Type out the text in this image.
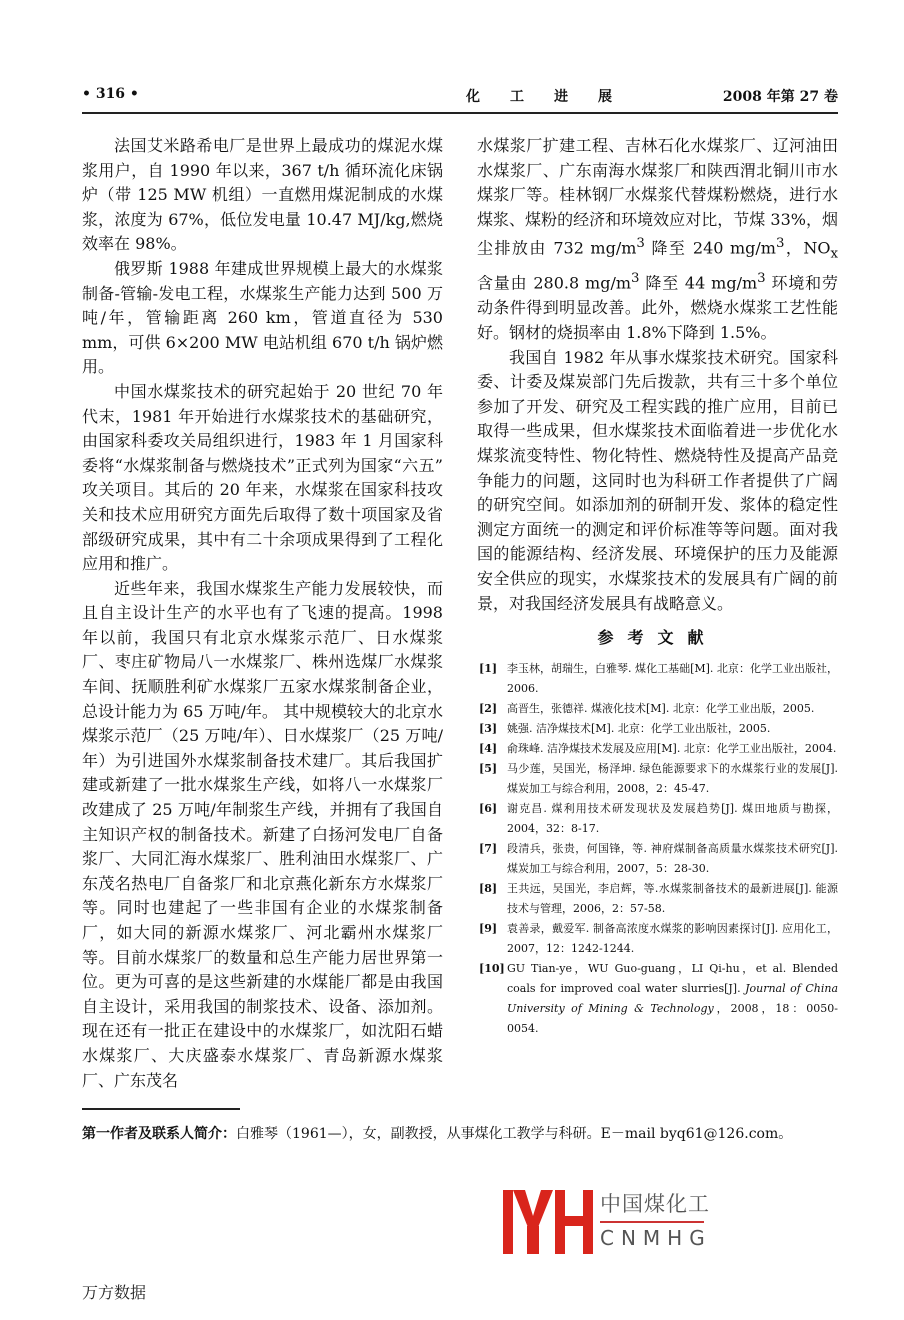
• 316 •	化工进展	2008 年第 27 卷

法国艾米路希电厂是世界上最成功的煤泥水煤浆用户，自 1990 年以来，367 t/h 循环流化床锅炉（带 125 MW 机组）一直燃用煤泥制成的水煤浆，浓度为 67%，低位发电量 10.47 MJ/kg,燃烧效率在 98%。

俄罗斯 1988 年建成世界规模上最大的水煤浆制备-管输-发电工程，水煤浆生产能力达到 500 万吨/年，管输距离 260 km，管道直径为 530 mm，可供 6×200 MW 电站机组 670 t/h 锅炉燃用。

中国水煤浆技术的研究起始于 20 世纪 70 年代末，1981 年开始进行水煤浆技术的基础研究，由国家科委攻关局组织进行，1983 年 1 月国家科委将“水煤浆制备与燃烧技术”正式列为国家“六五” 攻关项目。其后的 20 年来，水煤浆在国家科技攻关和技术应用研究方面先后取得了数十项国家及省部级研究成果，其中有二十余项成果得到了工程化应用和推广。

近些年来，我国水煤浆生产能力发展较快，而且自主设计生产的水平也有了飞速的提高。1998 年以前，我国只有北京水煤浆示范厂、日水煤浆厂、枣庄矿物局八一水煤浆厂、株州选煤厂水煤浆车间、抚顺胜利矿水煤浆厂五家水煤浆制备企业，总设计能力为 65 万吨/年。 其中规模较大的北京水煤浆示范厂（25 万吨/年）、日水煤浆厂（25 万吨/年）为引进国外水煤浆制备技术建厂。其后我国扩建或新建了一批水煤浆生产线，如将八一水煤浆厂改建成了 25 万吨/年制浆生产线，并拥有了我国自主知识产权的制备技术。新建了白扬河发电厂自备浆厂、大同汇海水煤浆厂、胜利油田水煤浆厂、广东茂名热电厂自备浆厂和北京燕化新东方水煤浆厂等。同时也建起了一些非国有企业的水煤浆制备厂，如大同的新源水煤浆厂、河北霸州水煤浆厂等。目前水煤浆厂的数量和总生产能力居世界第一位。更为可喜的是这些新建的水煤能厂都是由我国自主设计，采用我国的制浆技术、设备、添加剂。现在还有一批正在建设中的水煤浆厂，如沈阳石蜡水煤浆厂、大庆盛泰水煤浆厂、青岛新源水煤浆厂、广东茂名

水煤浆厂扩建工程、吉林石化水煤浆厂、辽河油田水煤浆厂、广东南海水煤浆厂和陕西渭北铜川市水煤浆厂等。桂林钢厂水煤浆代替煤粉燃烧，进行水煤浆、煤粉的经济和环境效应对比，节煤 33%，烟尘排放由 732 $mg/m^3$ 降至 240 $mg/m^3$，$NO_x$ 含量由 280.8 $mg/m^3$ 降至 44 $mg/m^3$ 环境和劳动条件得到明显改善。此外，燃烧水煤浆工艺性能好。钢材的烧损率由 1.8%下降到 1.5%。

我国自 1982 年从事水煤浆技术研究。国家科委、计委及煤炭部门先后拨款，共有三十多个单位参加了开发、研究及工程实践的推广应用，目前已取得一些成果，但水煤浆技术面临着进一步优化水煤浆流变特性、物化特性、燃烧特性及提高产品竞争能力的问题，这同时也为科研工作者提供了广阔的研究空间。如添加剂的研制开发、浆体的稳定性测定方面统一的测定和评价标准等等问题。面对我国的能源结构、经济发展、环境保护的压力及能源安全供应的现实，水煤浆技术的发展具有广阔的前景，对我国经济发展具有战略意义。

参考文献
[1] 李玉林，胡瑞生，白雅琴. 煤化工基础[M]. 北京：化学工业出版社，2006.
[2] 高晋生，张德祥. 煤液化技术[M]. 北京：化学工业出版，2005.
[3] 姚强. 洁净煤技术[M]. 北京：化学工业出版社，2005.
[4] 俞珠峰. 洁净煤技术发展及应用[M]. 北京：化学工业出版社，2004.
[5] 马少莲，吴国光，杨泽坤. 绿色能源要求下的水煤浆行业的发展[J]. 煤炭加工与综合利用，2008，2：45-47.
[6] 谢克昌. 煤利用技术研发现状及发展趋势[J]. 煤田地质与勘探，2004，32：8-17.
[7] 段清兵，张贵，何国锋，等. 神府煤制备高质量水煤浆技术研究[J]. 煤炭加工与综合利用，2007，5：28-30.
[8] 王共远，吴国光，李启辉，等.水煤浆制备技术的最新进展[J]. 能源技术与管理，2006，2：57-58.
[9] 袁善录，戴爱军. 制备高浓度水煤浆的影响因素探讨[J]. 应用化工，2007，12：1242-1244.
[10] GU Tian-ye，WU Guo-guang，LI Qi-hu，et al. Blended coals for improved coal water slurries[J]. Journal of China University of Mining & Technology，2008，18：0050-0054.
第一作者及联系人简介：白雅琴（1961—），女，副教授，从事煤化工教学与科研。E－mail byq61@126.com。
中国煤化工
CNMHG
万方数据
